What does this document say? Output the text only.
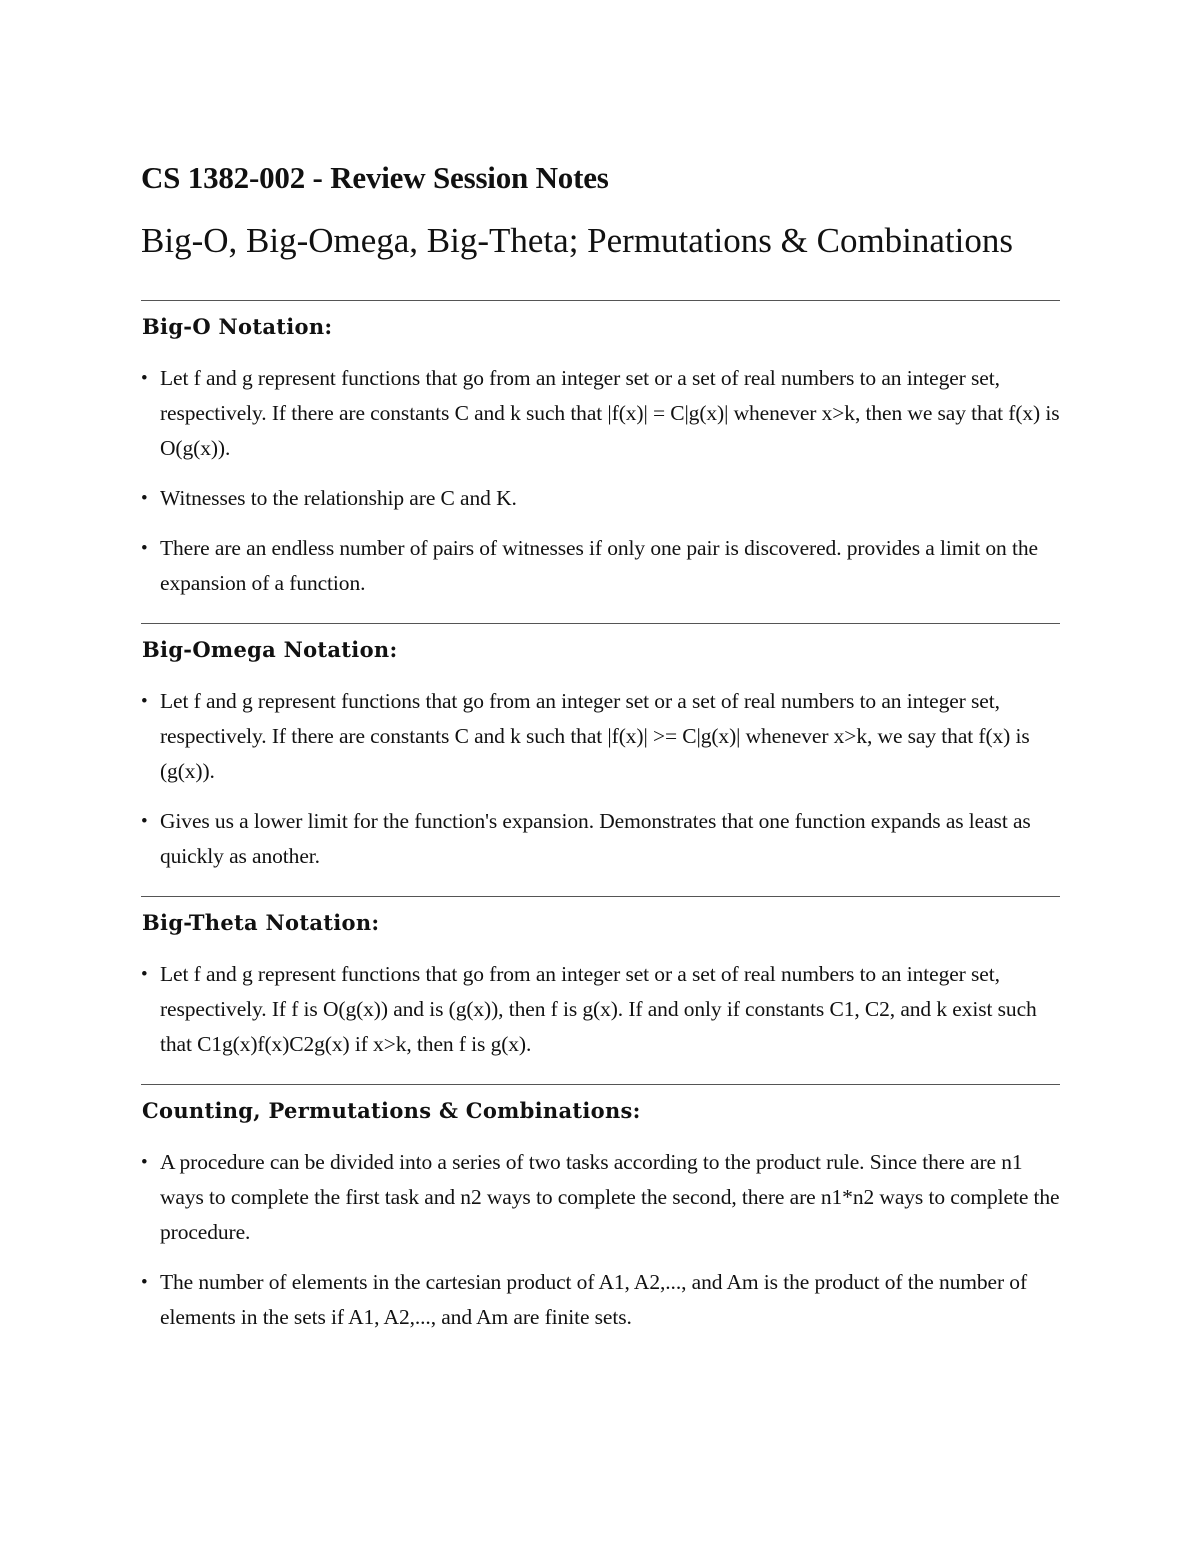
CS 1382-002 - Review Session Notes
Big-O, Big-Omega, Big-Theta; Permutations & Combinations
Big-O Notation:
• Let f and g represent functions that go from an integer set or a set of real numbers to an integer set, respectively. If there are constants C and k such that |f(x)| = C|g(x)| whenever x>k, then we say that f(x) is O(g(x)).
• Witnesses to the relationship are C and K.
• There are an endless number of pairs of witnesses if only one pair is discovered. provides a limit on the expansion of a function.
Big-Omega Notation:
• Let f and g represent functions that go from an integer set or a set of real numbers to an integer set, respectively. If there are constants C and k such that |f(x)| >= C|g(x)| whenever x>k, we say that f(x) is (g(x)).
• Gives us a lower limit for the function's expansion. Demonstrates that one function expands as least as quickly as another.
Big-Theta Notation:
• Let f and g represent functions that go from an integer set or a set of real numbers to an integer set, respectively. If f is O(g(x)) and is (g(x)), then f is g(x). If and only if constants C1, C2, and k exist such that C1g(x)f(x)C2g(x) if x>k, then f is g(x).
Counting, Permutations & Combinations:
• A procedure can be divided into a series of two tasks according to the product rule. Since there are n1 ways to complete the first task and n2 ways to complete the second, there are n1*n2 ways to complete the procedure.
• The number of elements in the cartesian product of A1, A2,..., and Am is the product of the number of elements in the sets if A1, A2,..., and Am are finite sets.
